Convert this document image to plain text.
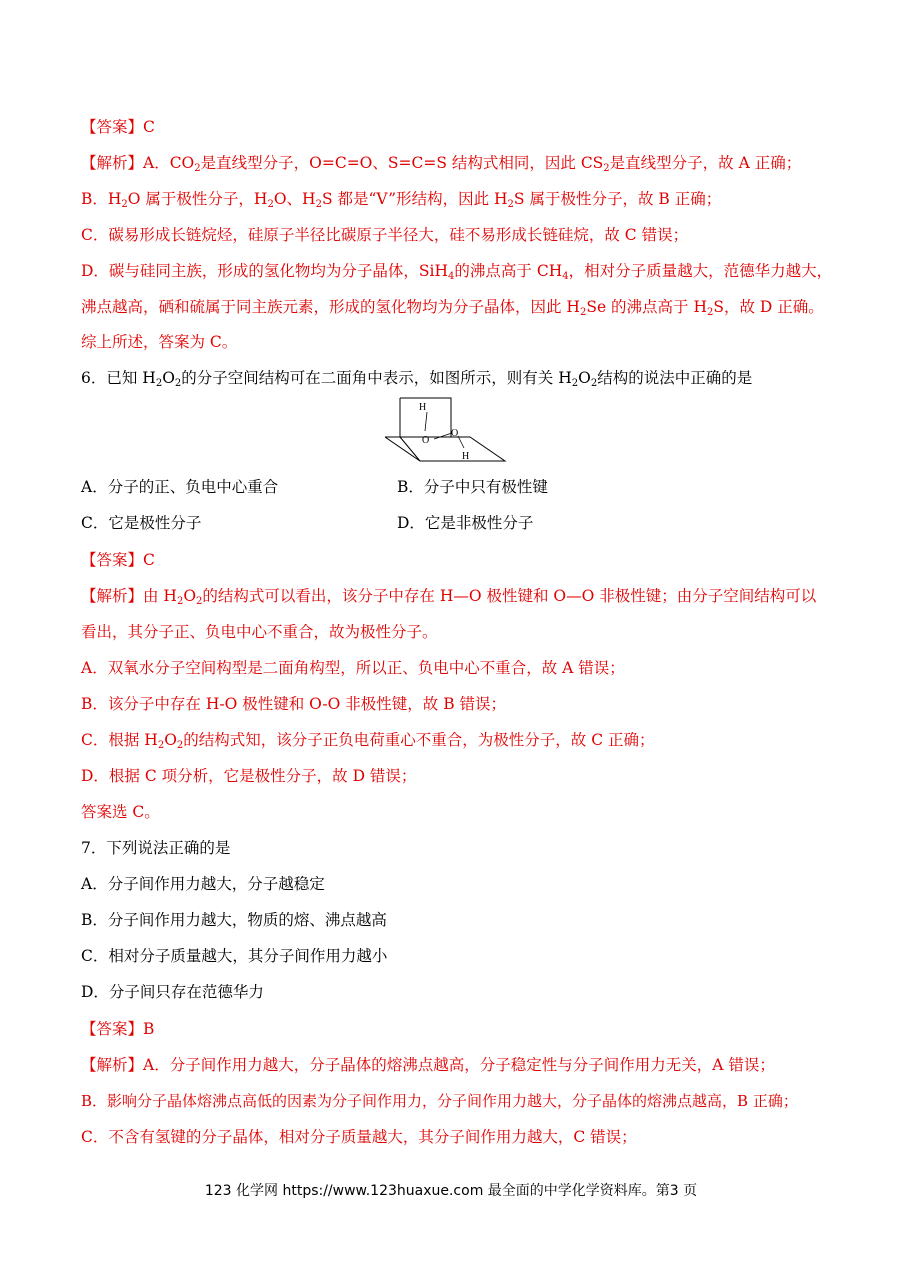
【答案】C
【解析】A．$CO_2$是直线型分子，O=C=O、S=C=S 结构式相同，因此 $CS_2$是直线型分子，故 A 正确；
B．$H_2O$ 属于极性分子，$H_2O$、$H_2S$ 都是“V”形结构，因此 $H_2S$ 属于极性分子，故 B 正确；
C．碳易形成长链烷烃，硅原子半径比碳原子半径大，硅不易形成长链硅烷，故 C 错误；
D．碳与硅同主族，形成的氢化物均为分子晶体，SiH$_4$的沸点高于 $CH_4$，相对分子质量越大，范德华力越大，
沸点越高，硒和硫属于同主族元素，形成的氢化物均为分子晶体，因此 $H_2Se$ 的沸点高于 $H_2S$，故 D 正确。
综上所述，答案为 C。
6．已知 $H_2O_2$的分子空间结构可在二面角中表示，如图所示，则有关 $H_2O_2$结构的说法中正确的是
H
O
O
H
A．分子的正、负电中心重合	B．分子中只有极性键
C．它是极性分子	D．它是非极性分子
【答案】C
【解析】由 $H_2O_2$的结构式可以看出，该分子中存在 H—O 极性键和 O—O 非极性键；由分子空间结构可以
看出，其分子正、负电中心不重合，故为极性分子。
A．双氧水分子空间构型是二面角构型，所以正、负电中心不重合，故 A 错误；
B．该分子中存在 H-O 极性键和 O-O 非极性键，故 B 错误；
C．根据 $H_2O_2$的结构式知，该分子正负电荷重心不重合，为极性分子，故 C 正确；
D．根据 C 项分析，它是极性分子，故 D 错误；
答案选 C。
7．下列说法正确的是
A．分子间作用力越大，分子越稳定
B．分子间作用力越大，物质的熔、沸点越高
C．相对分子质量越大，其分子间作用力越小
D．分子间只存在范德华力
【答案】B
【解析】A．分子间作用力越大，分子晶体的熔沸点越高，分子稳定性与分子间作用力无关，A 错误；
B．影响分子晶体熔沸点高低的因素为分子间作用力，分子间作用力越大，分子晶体的熔沸点越高，B 正确；
C．不含有氢键的分子晶体，相对分子质量越大，其分子间作用力越大，C 错误；
123 化学网 https://www.123huaxue.com 最全面的中学化学资料库。第3 页
